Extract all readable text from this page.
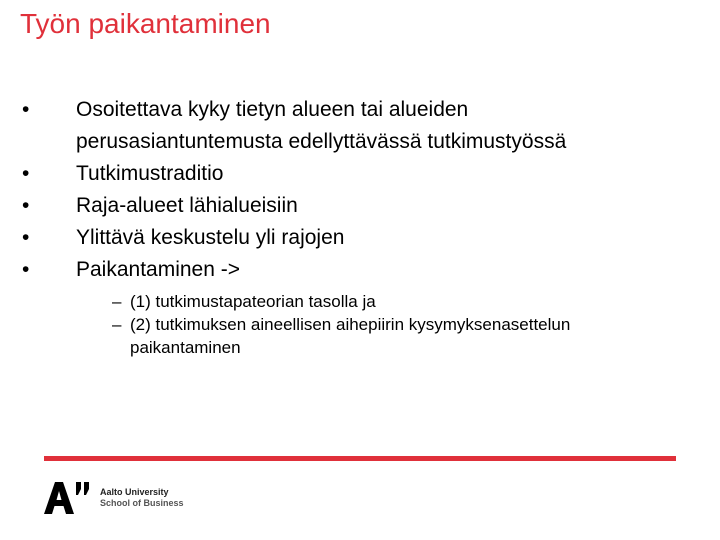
Työn paikantaminen
•	Osoitettava kyky tietyn alueen tai alueiden
perusasiantuntemusta edellyttävässä tutkimustyössä
•	Tutkimustraditio
•	Raja-alueet lähialueisiin
•	Ylittävä keskustelu yli rajojen
•	Paikantaminen ->
– (1) tutkimustapateorian tasolla ja
– (2) tutkimuksen aineellisen aihepiirin kysymyksenasettelun
paikantaminen
Aalto University
School of Business
